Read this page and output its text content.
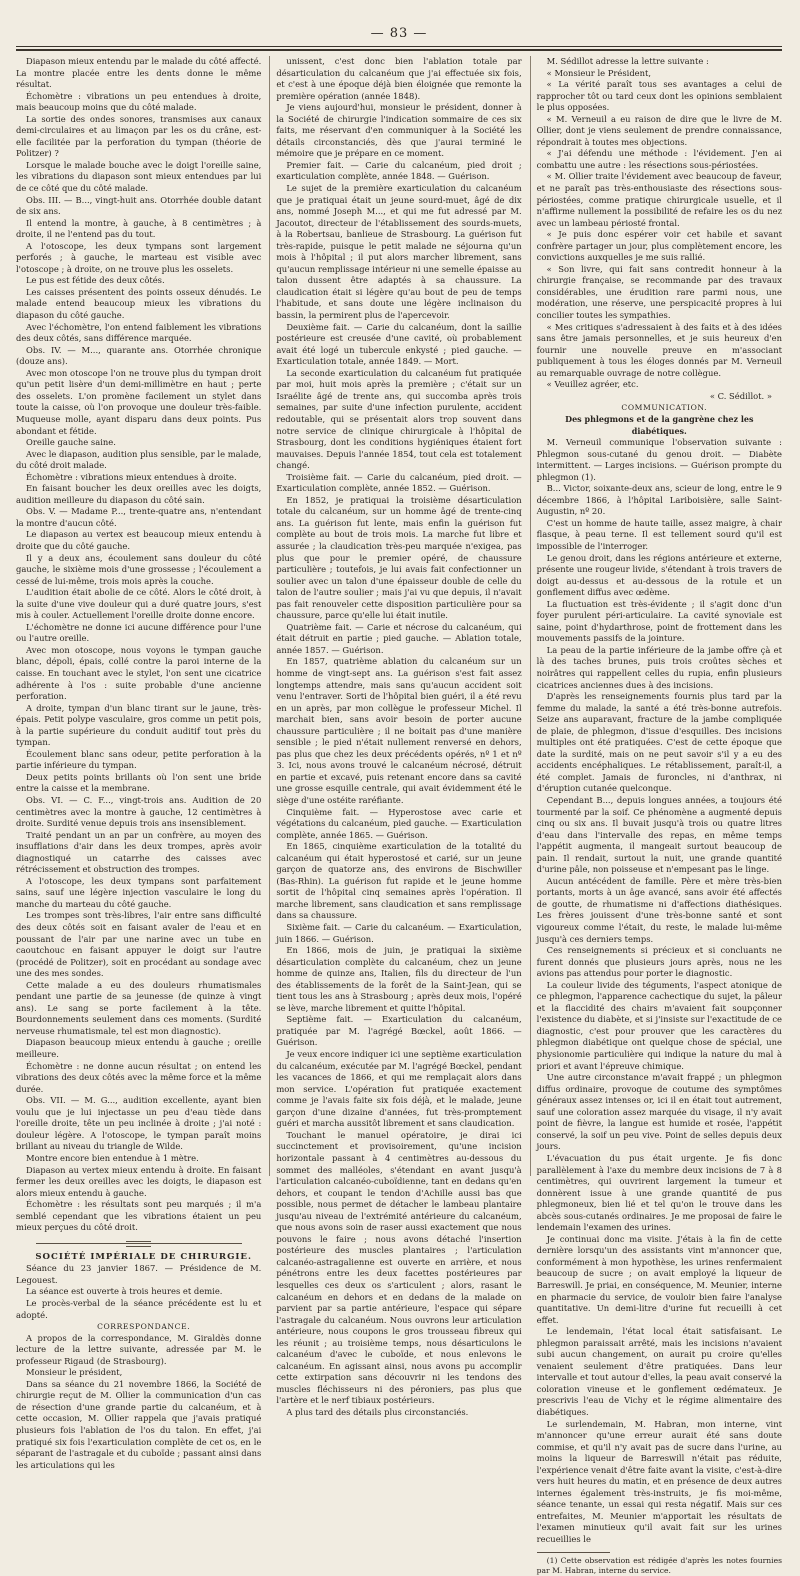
— 83 —

Diapason mieux entendu par le malade du côté affecté. La montre placée entre les dents donne le même résultat.

Échomètre : vibrations un peu entendues à droite, mais beaucoup moins que du côté malade.

La sortie des ondes sonores, transmises aux canaux demi-circulaires et au limaçon par les os du crâne, est-elle facilitée par la perforation du tympan (théorie de Politzer) ?

Lorsque le malade bouche avec le doigt l'oreille saine, les vibrations du diapason sont mieux entendues par lui de ce côté que du côté malade.

Obs. III. — B..., vingt-huit ans. Otorrhée double datant de six ans.

Il entend la montre, à gauche, à 8 centimètres ; à droite, il ne l'entend pas du tout.

A l'otoscope, les deux tympans sont largement perforés ; à gauche, le marteau est visible avec l'otoscope ; à droite, on ne trouve plus les osselets.

Le pus est fétide des deux côtés.

Les caisses présentent des points osseux dénudés. Le malade entend beaucoup mieux les vibrations du diapason du côté gauche.

Avec l'échomètre, l'on entend faiblement les vibrations des deux côtés, sans différence marquée.

Obs. IV. — M..., quarante ans. Otorrhée chronique (douze ans).

Avec mon otoscope l'on ne trouve plus du tympan droit qu'un petit lisère d'un demi-millimètre en haut ; perte des osselets. L'on promène facilement un stylet dans toute la caisse, où l'on provoque une douleur très-faible. Muqueuse molle, ayant disparu dans deux points. Pus abondant et fétide.

Oreille gauche saine.

Avec le diapason, audition plus sensible, par le malade, du côté droit malade.

Échomètre : vibrations mieux entendues à droite.

En faisant boucher les deux oreilles avec les doigts, audition meilleure du diapason du côté sain.

Obs. V. — Madame P..., trente-quatre ans, n'entendant la montre d'aucun côté.

Le diapason au vertex est beaucoup mieux entendu à droite que du côté gauche.

Il y a deux ans, écoulement sans douleur du côté gauche, le sixième mois d'une grossesse ; l'écoulement a cessé de lui-même, trois mois après la couche.

L'audition était abolie de ce côté. Alors le côté droit, à la suite d'une vive douleur qui a duré quatre jours, s'est mis à couler. Actuellement l'oreille droite donne encore.

L'échomètre ne donne ici aucune différence pour l'une ou l'autre oreille.

Avec mon otoscope, nous voyons le tympan gauche blanc, dépoli, épais, collé contre la paroi interne de la caisse. En touchant avec le stylet, l'on sent une cicatrice adhérente à l'os : suite probable d'une ancienne perforation.

A droite, tympan d'un blanc tirant sur le jaune, très-épais. Petit polype vasculaire, gros comme un petit pois, à la partie supérieure du conduit auditif tout près du tympan.

Écoulement blanc sans odeur, petite perforation à la partie inférieure du tympan.

Deux petits points brillants où l'on sent une bride entre la caisse et la membrane.

Obs. VI. — C. F..., vingt-trois ans. Audition de 20 centimètres avec la montre à gauche, 12 centimètres à droite. Surdité venue depuis trois ans insensiblement.

Traité pendant un an par un confrère, au moyen des insufflations d'air dans les deux trompes, après avoir diagnostiqué un catarrhe des caisses avec rétrécissement et obstruction des trompes.

A l'otoscope, les deux tympans sont parfaitement sains, sauf une légère injection vasculaire le long du manche du marteau du côté gauche.

Les trompes sont très-libres, l'air entre sans difficulté des deux côtés soit en faisant avaler de l'eau et en poussant de l'air par une narine avec un tube en caoutchouc en faisant appuyer le doigt sur l'autre (procédé de Politzer), soit en procédant au sondage avec une des mes sondes.

Cette malade a eu des douleurs rhumatismales pendant une partie de sa jeunesse (de quinze à vingt ans). Le sang se porte facilement à la tête. Bourdonnements seulement dans ces moments. (Surdité nerveuse rhumatismale, tel est mon diagnostic).

Diapason beaucoup mieux entendu à gauche ; oreille meilleure.

Échomètre : ne donne aucun résultat ; on entend les vibrations des deux côtés avec la même force et la même durée.

Obs. VII. — M. G..., audition excellente, ayant bien voulu que je lui injectasse un peu d'eau tiède dans l'oreille droite, tête un peu inclinée à droite ; j'ai noté : douleur légère. A l'otoscope, le tympan paraît moins brillant au niveau du triangle de Wilde.

Montre encore bien entendue à 1 mètre.

Diapason au vertex mieux entendu à droite. En faisant fermer les deux oreilles avec les doigts, le diapason est alors mieux entendu à gauche.

Échomètre : les résultats sont peu marqués ; il m'a semblé cependant que les vibrations étaient un peu mieux perçues du côté droit.

SOCIÉTÉ IMPÉRIALE DE CHIRURGIE.

Séance du 23 janvier 1867. — Présidence de M. Legouest.

La séance est ouverte à trois heures et demie.

Le procès-verbal de la séance précédente est lu et adopté.

CORRESPONDANCE.

A propos de la correspondance, M. Giraldès donne lecture de la lettre suivante, adressée par M. le professeur Rigaud (de Strasbourg).

Monsieur le président,

Dans sa séance du 21 novembre 1866, la Société de chirurgie reçut de M. Ollier la communication d'un cas de résection d'une grande partie du calcanéum, et à cette occasion, M. Ollier rappela que j'avais pratiqué plusieurs fois l'ablation de l'os du talon. En effet, j'ai pratiqué six fois l'exarticulation complète de cet os, en le séparant de l'astragale et du cuboïde ; passant ainsi dans les articulations qui les

unissent, c'est donc bien l'ablation totale par désarticulation du calcanéum que j'ai effectuée six fois, et c'est à une époque déjà bien éloignée que remonte la première opération (année 1848).

Je viens aujourd'hui, monsieur le président, donner à la Société de chirurgie l'indication sommaire de ces six faits, me réservant d'en communiquer à la Société les détails circonstanciés, dès que j'aurai terminé le mémoire que je prépare en ce moment.

Premier fait. — Carie du calcanéum, pied droit ; exarticulation complète, année 1848. — Guérison.

Le sujet de la première exarticulation du calcanéum que je pratiquai était un jeune sourd-muet, âgé de dix ans, nommé Joseph M..., et qui me fut adressé par M. Jacoutot, directeur de l'établissement des sourds-muets, à la Robertsau, banlieue de Strasbourg. La guérison fut très-rapide, puisque le petit malade ne séjourna qu'un mois à l'hôpital ; il put alors marcher librement, sans qu'aucun remplissage intérieur ni une semelle épaisse au talon dussent être adaptés à sa chaussure. La claudication était si légère qu'au bout de peu de temps l'habitude, et sans doute une légère inclinaison du bassin, la permirent plus de l'apercevoir.

Deuxième fait. — Carie du calcanéum, dont la saillie postérieure est creusée d'une cavité, où probablement avait été logé un tubercule enkysté ; pied gauche. — Exarticulation totale, année 1849. — Mort.

La seconde exarticulation du calcanéum fut pratiquée par moi, huit mois après la première ; c'était sur un Israélite âgé de trente ans, qui succomba après trois semaines, par suite d'une infection purulente, accident redoutable, qui se présentait alors trop souvent dans notre service de clinique chirurgicale à l'hôpital de Strasbourg, dont les conditions hygiéniques étaient fort mauvaises. Depuis l'année 1854, tout cela est totalement changé.

Troisième fait. — Carie du calcanéum, pied droit. — Exarticulation complète, année 1852. — Guérison.

En 1852, je pratiquai la troisième désarticulation totale du calcanéum, sur un homme âgé de trente-cinq ans. La guérison fut lente, mais enfin la guérison fut complète au bout de trois mois. La marche fut libre et assurée ; la claudication très-peu marquée n'exigea, pas plus que pour le premier opéré, de chaussure particulière ; toutefois, je lui avais fait confectionner un soulier avec un talon d'une épaisseur double de celle du talon de l'autre soulier ; mais j'ai vu que depuis, il n'avait pas fait renouveler cette disposition particulière pour sa chaussure, parce qu'elle lui était inutile.

Quatrième fait. — Carie et nécrose du calcanéum, qui était détruit en partie ; pied gauche. — Ablation totale, année 1857. — Guérison.

En 1857, quatrième ablation du calcanéum sur un homme de vingt-sept ans. La guérison s'est fait assez longtemps attendre, mais sans qu'aucun accident soit venu l'entraver. Sorti de l'hôpital bien guéri, il a été revu en un après, par mon collègue le professeur Michel. Il marchait bien, sans avoir besoin de porter aucune chaussure particulière ; il ne boitait pas d'une manière sensible ; le pied n'était nullement renversé en dehors, pas plus que chez les deux précédents opérés, nº 1 et nº 3. Ici, nous avons trouvé le calcanéum nécrosé, détruit en partie et excavé, puis retenant encore dans sa cavité une grosse esquille centrale, qui avait évidemment été le siège d'une ostéite raréfiante.

Cinquième fait. — Hyperostose avec carie et végétations du calcanéum, pied gauche. — Exarticulation complète, année 1865. — Guérison.

En 1865, cinquième exarticulation de la totalité du calcanéum qui était hyperostosé et carié, sur un jeune garçon de quatorze ans, des environs de Bischwiller (Bas-Rhin). La guérison fut rapide et le jeune homme sortit de l'hôpital cinq semaines après l'opération. Il marche librement, sans claudication et sans remplissage dans sa chaussure.

Sixième fait. — Carie du calcanéum. — Exarticulation, juin 1866. — Guérison.

En 1866, mois de juin, je pratiquai la sixième désarticulation complète du calcanéum, chez un jeune homme de quinze ans, Italien, fils du directeur de l'un des établissements de la forêt de la Saint-Jean, qui se tient tous les ans à Strasbourg ; après deux mois, l'opéré se lève, marche librement et quitte l'hôpital.

Septième fait. — Exarticulation du calcanéum, pratiquée par M. l'agrégé Bœckel, août 1866. — Guérison.

Je veux encore indiquer ici une septième exarticulation du calcanéum, exécutée par M. l'agrégé Bœckel, pendant les vacances de 1866, et qui me remplaçait alors dans mon service. L'opération fut pratiquée exactement comme je l'avais faite six fois déjà, et le malade, jeune garçon d'une dizaine d'années, fut très-promptement guéri et marcha aussitôt librement et sans claudication.

Touchant le manuel opératoire, je dirai ici succinctement et provisoirement, qu'une incision horizontale passant à 4 centimètres au-dessous du sommet des malléoles, s'étendant en avant jusqu'à l'articulation calcanéo-cuboïdienne, tant en dedans qu'en dehors, et coupant le tendon d'Achille aussi bas que possible, nous permet de détacher le lambeau plantaire jusqu'au niveau de l'extrémité antérieure du calcanéum, que nous avons soin de raser aussi exactement que nous pouvons le faire ; nous avons détaché l'insertion postérieure des muscles plantaires ; l'articulation calcanéo-astragalienne est ouverte en arrière, et nous pénétrons entre les deux facettes postérieures par lesquelles ces deux os s'articulent ; alors, rasant le calcanéum en dehors et en dedans de la malade on parvient par sa partie antérieure, l'espace qui sépare l'astragale du calcanéum. Nous ouvrons leur articulation antérieure, nous coupons le gros trousseau fibreux qui les réunit ; au troisième temps, nous désarticulons le calcanéum d'avec le cuboïde, et nous enlevons le calcanéum. En agissant ainsi, nous avons pu accomplir cette extirpation sans découvrir ni les tendons des muscles fléchisseurs ni des péroniers, pas plus que l'artère et le nerf tibiaux postérieurs.

A plus tard des détails plus circonstanciés.

M. Sédillot adresse la lettre suivante :

« Monsieur le Président,

« La vérité paraît tous ses avantages a celui de rapprocher tôt ou tard ceux dont les opinions semblaient le plus opposées.

« M. Verneuil a eu raison de dire que le livre de M. Ollier, dont je viens seulement de prendre connaissance, répondrait à toutes mes objections.

« J'ai défendu une méthode : l'évidement. J'en ai combattu une autre : les résections sous-périostées.

« M. Ollier traite l'évidement avec beaucoup de faveur, et ne paraît pas très-enthousiaste des résections sous-périostées, comme pratique chirurgicale usuelle, et il n'affirme nullement la possibilité de refaire les os du nez avec un lambeau périosté frontal.

« Je puis donc espérer voir cet habile et savant confrère partager un jour, plus complètement encore, les convictions auxquelles je me suis rallié.

« Son livre, qui fait sans contredit honneur à la chirurgie française, se recommande par des travaux considérables, une érudition rare parmi nous, une modération, une réserve, une perspicacité propres à lui concilier toutes les sympathies.

« Mes critiques s'adressaient à des faits et à des idées sans être jamais personnelles, et je suis heureux d'en fournir une nouvelle preuve en m'associant publiquement à tous les éloges donnés par M. Verneuil au remarquable ouvrage de notre collègue.

« Veuillez agréer, etc.

« C. Sédillot. »

COMMUNICATION.

Des phlegmons et de la gangrène chez les diabétiques.

M. Verneuil communique l'observation suivante : Phlegmon sous-cutané du genou droit. — Diabète intermittent. — Larges incisions. — Guérison prompte du phlegmon (1).

B... Victor, soixante-deux ans, scieur de long, entre le 9 décembre 1866, à l'hôpital Lariboisière, salle Saint-Augustin, nº 20.

C'est un homme de haute taille, assez maigre, à chair flasque, à peau terne. Il est tellement sourd qu'il est impossible de l'interroger.

Le genou droit, dans les régions antérieure et externe, présente une rougeur livide, s'étendant à trois travers de doigt au-dessus et au-dessous de la rotule et un gonflement diffus avec œdème.

La fluctuation est très-évidente ; il s'agit donc d'un foyer purulent péri-articulaire. La cavité synoviale est saine, point d'hydarthrose, point de frottement dans les mouvements passifs de la jointure.

La peau de la partie inférieure de la jambe offre çà et là des taches brunes, puis trois croûtes sèches et noirâtres qui rappellent celles du rupia, enfin plusieurs cicatrices anciennes dues à des incisions.

D'après les renseignements fournis plus tard par la femme du malade, la santé a été très-bonne autrefois. Seize ans auparavant, fracture de la jambe compliquée de plaie, de phlegmon, d'issue d'esquilles. Des incisions multiples ont été pratiquées. C'est de cette époque que date la surdité, mais on ne peut savoir s'il y a eu des accidents encéphaliques. Le rétablissement, paraît-il, a été complet. Jamais de furoncles, ni d'anthrax, ni d'éruption cutanée quelconque.

Cependant B..., depuis longues années, a toujours été tourmenté par la soif. Ce phénomène a augmenté depuis cinq ou six ans. Il buvait jusqu'à trois ou quatre litres d'eau dans l'intervalle des repas, en même temps l'appétit augmenta, il mangeait surtout beaucoup de pain. Il rendait, surtout la nuit, une grande quantité d'urine pâle, non poisseuse et n'empesant pas le linge.

Aucun antécédent de famille. Père et mère très-bien portants, morts à un âge avancé, sans avoir été affectés de goutte, de rhumatisme ni d'affections diathésiques. Les frères jouissent d'une très-bonne santé et sont vigoureux comme l'était, du reste, le malade lui-même jusqu'à ces derniers temps.

Ces renseignements si précieux et si concluants ne furent donnés que plusieurs jours après, nous ne les avions pas attendus pour porter le diagnostic.

La couleur livide des téguments, l'aspect atonique de ce phlegmon, l'apparence cachectique du sujet, la pâleur et la flaccidité des chairs m'avaient fait soupçonner l'existence du diabète, et si j'insiste sur l'exactitude de ce diagnostic, c'est pour prouver que les caractères du phlegmon diabétique ont quelque chose de spécial, une physionomie particulière qui indique la nature du mal à priori et avant l'épreuve chimique.

Une autre circonstance m'avait frappé ; un phlegmon diffus ordinaire, provoque de coutume des symptômes généraux assez intenses or, ici il en était tout autrement, sauf une coloration assez marquée du visage, il n'y avait point de fièvre, la langue est humide et rosée, l'appétit conservé, la soif un peu vive. Point de selles depuis deux jours.

L'évacuation du pus était urgente. Je fis donc parallèlement à l'axe du membre deux incisions de 7 à 8 centimètres, qui ouvrirent largement la tumeur et donnèrent issue à une grande quantité de pus phlegmoneux, bien lié et tel qu'on le trouve dans les abcès sous-cutanés ordinaires. Je me proposai de faire le lendemain l'examen des urines.

Je continuai donc ma visite. J'étais à la fin de cette dernière lorsqu'un des assistants vint m'annoncer que, conformément à mon hypothèse, les urines renfermaient beaucoup de sucre ; on avait employé la liqueur de Barreswill. Je priai, en conséquence, M. Meunier, interne en pharmacie du service, de vouloir bien faire l'analyse quantitative. Un demi-litre d'urine fut recueilli à cet effet.

Le lendemain, l'état local était satisfaisant. Le phlegmon paraissait arrêté, mais les incisions n'avaient subi aucun changement, on aurait pu croire qu'elles venaient seulement d'être pratiquées. Dans leur intervalle et tout autour d'elles, la peau avait conservé la coloration vineuse et le gonflement œdémateux. Je prescrivis l'eau de Vichy et le régime alimentaire des diabétiques.

Le surlendemain, M. Habran, mon interne, vint m'annoncer qu'une erreur aurait été sans doute commise, et qu'il n'y avait pas de sucre dans l'urine, au moins la liqueur de Barreswill n'était pas réduite, l'expérience venait d'être faite avant la visite, c'est-à-dire vers huit heures du matin, et en présence de deux autres internes également très-instruits, je fis moi-même, séance tenante, un essai qui resta négatif. Mais sur ces entrefaites, M. Meunier m'apportait les résultats de l'examen minutieux qu'il avait fait sur les urines recueillies le

(1) Cette observation est rédigée d'après les notes fournies par M. Habran, interne du service.
